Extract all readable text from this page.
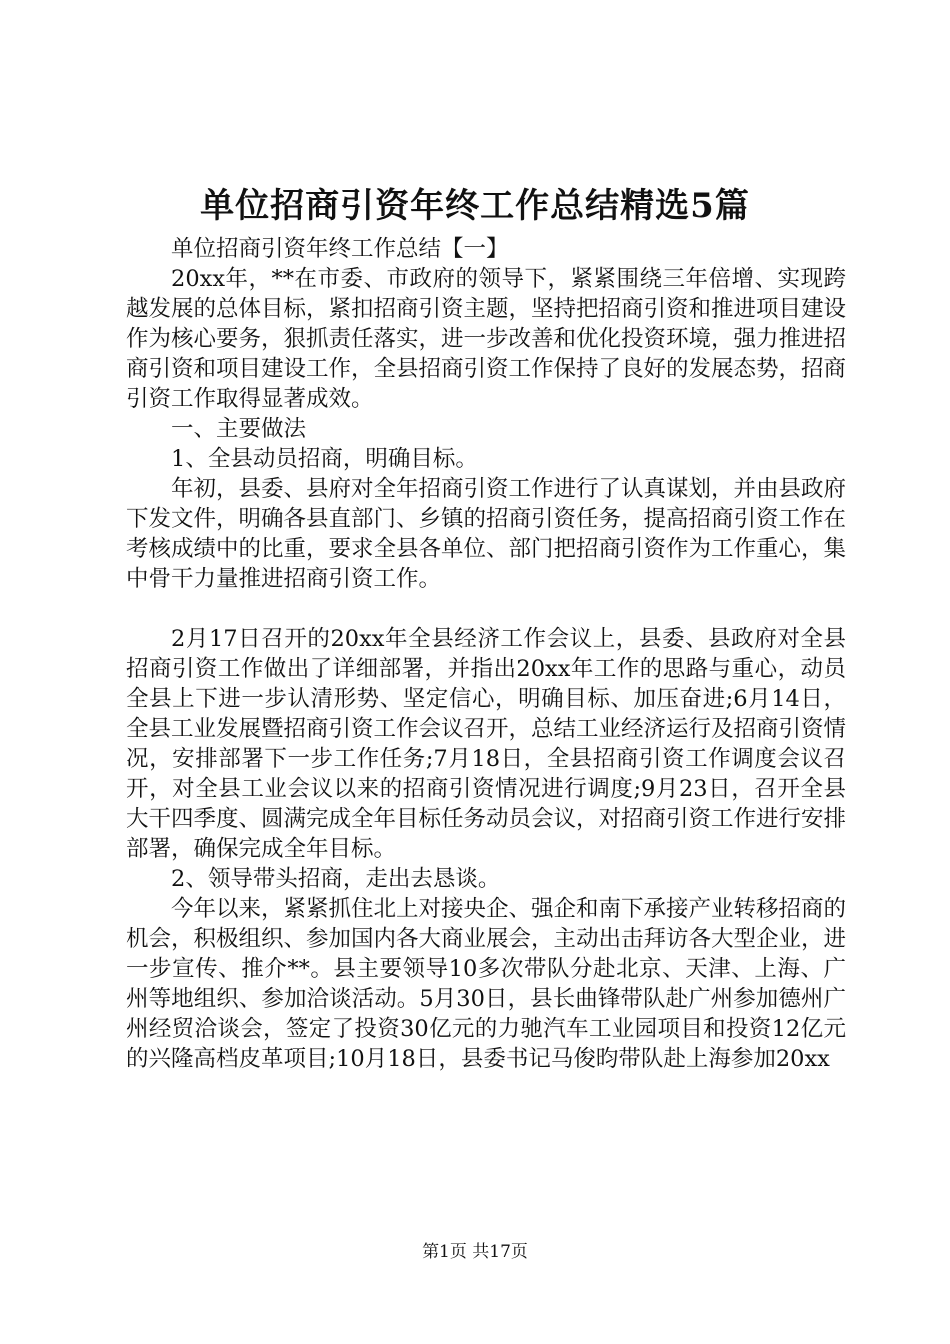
单位招商引资年终工作总结精选5篇

单位招商引资年终工作总结【一】

20xx年，**在市委、市政府的领导下，紧紧围绕三年倍增、实现跨越发展的总体目标，紧扣招商引资主题，坚持把招商引资和推进项目建设作为核心要务，狠抓责任落实，进一步改善和优化投资环境，强力推进招商引资和项目建设工作，全县招商引资工作保持了良好的发展态势，招商引资工作取得显著成效。

一、主要做法

1、全县动员招商，明确目标。

年初，县委、县府对全年招商引资工作进行了认真谋划，并由县政府下发文件，明确各县直部门、乡镇的招商引资任务，提高招商引资工作在考核成绩中的比重，要求全县各单位、部门把招商引资作为工作重心，集中骨干力量推进招商引资工作。

2月17日召开的20xx年全县经济工作会议上，县委、县政府对全县招商引资工作做出了详细部署，并指出20xx年工作的思路与重心，动员全县上下进一步认清形势、坚定信心，明确目标、加压奋进;6月14日，全县工业发展暨招商引资工作会议召开，总结工业经济运行及招商引资情况，安排部署下一步工作任务;7月18日，全县招商引资工作调度会议召开，对全县工业会议以来的招商引资情况进行调度;9月23日，召开全县大干四季度、圆满完成全年目标任务动员会议，对招商引资工作进行安排部署，确保完成全年目标。

2、领导带头招商，走出去恳谈。

今年以来，紧紧抓住北上对接央企、强企和南下承接产业转移招商的机会，积极组织、参加国内各大商业展会，主动出击拜访各大型企业，进一步宣传、推介**。县主要领导10多次带队分赴北京、天津、上海、广州等地组织、参加洽谈活动。5月30日，县长曲锋带队赴广州参加德州广州经贸洽谈会，签定了投资30亿元的力驰汽车工业园项目和投资12亿元的兴隆高档皮革项目;10月18日，县委书记马俊昀带队赴上海参加20xx

第1页 共17页
